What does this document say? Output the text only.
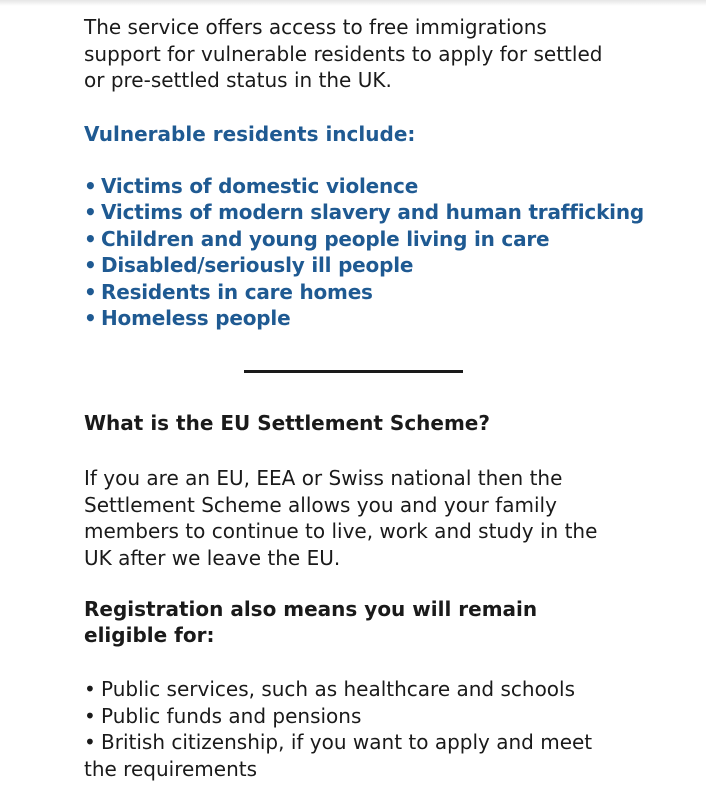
The service offers access to free immigrations
support for vulnerable residents to apply for settled
or pre-settled status in the UK.

Vulnerable residents include:
• Victims of domestic violence
• Victims of modern slavery and human trafficking
• Children and young people living in care
• Disabled/seriously ill people
• Residents in care homes
• Homeless people
What is the EU Settlement Scheme?

If you are an EU, EEA or Swiss national then the
Settlement Scheme allows you and your family
members to continue to live, work and study in the
UK after we leave the EU.

Registration also means you will remain
eligible for:
• Public services, such as healthcare and schools
• Public funds and pensions
• British citizenship, if you want to apply and meet
the requirements
